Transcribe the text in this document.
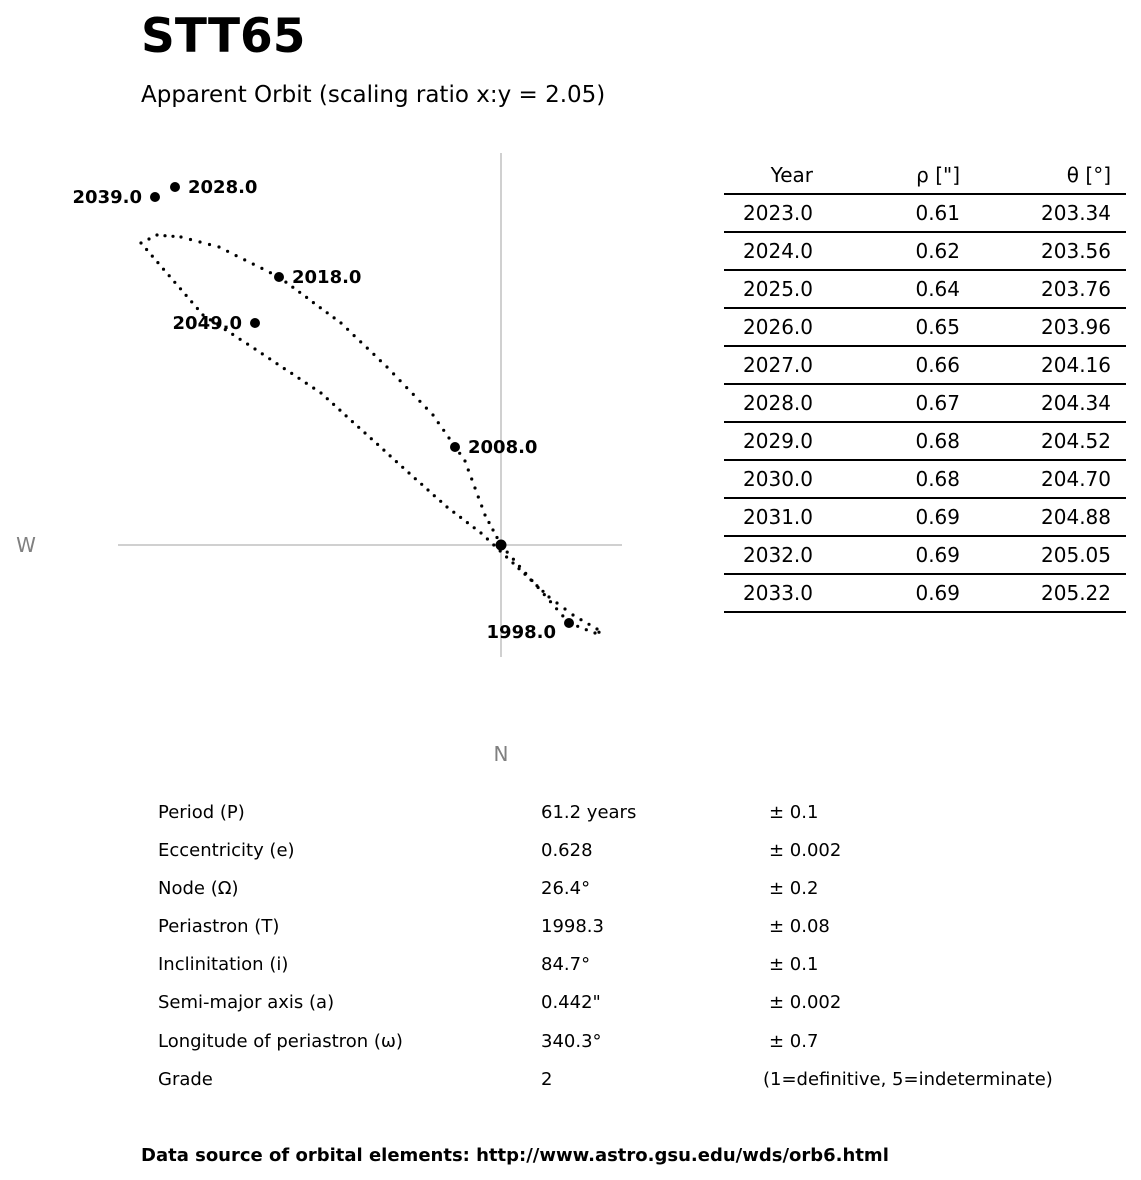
STT65
Apparent Orbit (scaling ratio x:y = 2.05)
W
N
1998.0
2008.0
2018.0
2028.0
2039.0
2049.0
Year	ρ ["]	θ [°]	
2023.0	0.61	203.34	
2024.0	0.62	203.56	
2025.0	0.64	203.76	
2026.0	0.65	203.96	
2027.0	0.66	204.16	
2028.0	0.67	204.34	
2029.0	0.68	204.52	
2030.0	0.68	204.70	
2031.0	0.69	204.88	
2032.0	0.69	205.05	
2033.0	0.69	205.22	
Period (P)	61.2 years	± 0.1
Eccentricity (e)	0.628	± 0.002
Node (Ω)	26.4°	± 0.2
Periastron (T)	1998.3	± 0.08
Inclinitation (i)	84.7°	± 0.1
Semi-major axis (a)	0.442"	± 0.002
Longitude of periastron (ω)	340.3°	± 0.7
Grade	2	(1=definitive, 5=indeterminate)
Data source of orbital elements: http://www.astro.gsu.edu/wds/orb6.html
